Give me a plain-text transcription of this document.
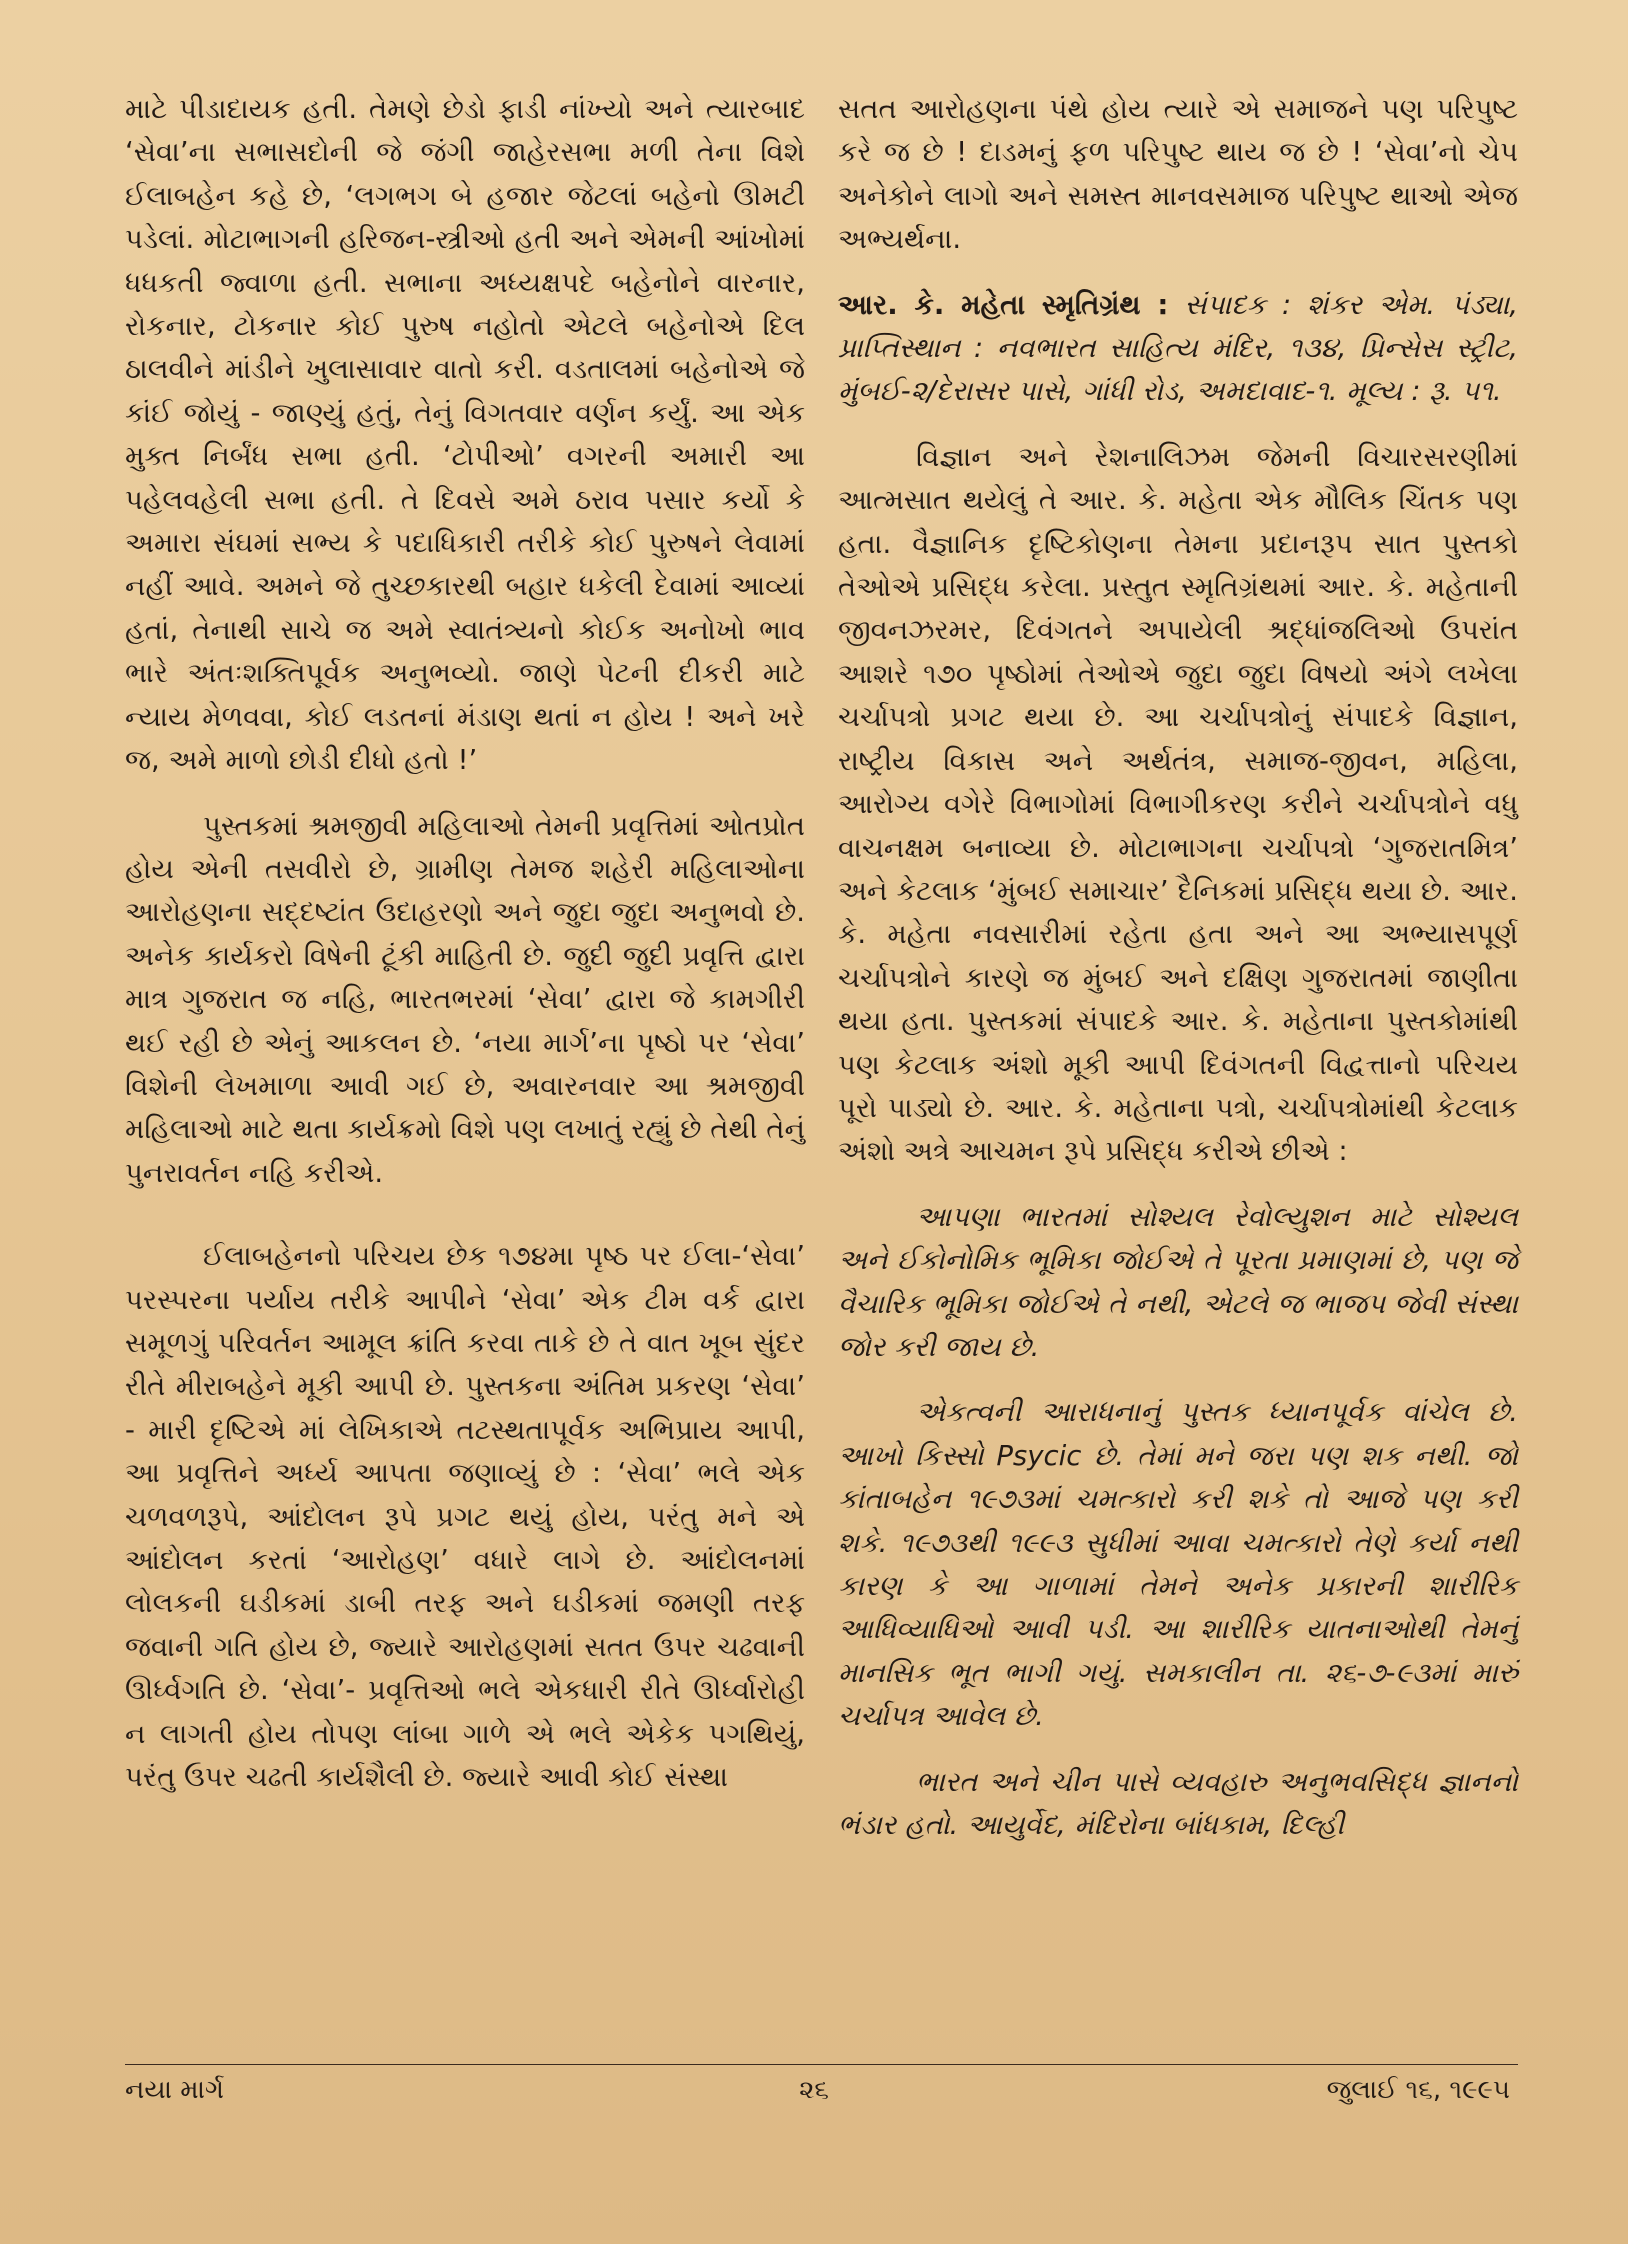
માટે પીડાદાયક હતી. તેમણે છેડો ફાડી નાંખ્યો અને ત્યારબાદ ‘સેવા’ના સભાસદોની જે જંગી જાહેરસભા મળી તેના વિશે ઈલાબહેન કહે છે, ‘લગભગ બે હજાર જેટલાં બહેનો ઊમટી પડેલાં. મોટાભાગની હરિજન-સ્ત્રીઓ હતી અને એમની આંખોમાં ધધકતી જ્વાળા હતી. સભાના અધ્યક્ષપદે બહેનોને વારનાર, રોકનાર, ટોકનાર કોઈ પુરુષ નહોતો એટલે બહેનોએ દિલ ઠાલવીને માંડીને ખુલાસાવાર વાતો કરી. વડતાલમાં બહેનોએ જે કાંઈ જોયું - જાણ્યું હતું, તેનું વિગતવાર વર્ણન કર્યું. આ એક મુક્ત નિર્બંધ સભા હતી. ‘ટોપીઓ’ વગરની અમારી આ પહેલવહેલી સભા હતી. તે દિવસે અમે ઠરાવ પસાર કર્યો કે અમારા સંઘમાં સભ્ય કે પદાધિકારી તરીકે કોઈ પુરુષને લેવામાં નહીં આવે. અમને જે તુચ્છકારથી બહાર ધકેલી દેવામાં આવ્યાં હતાં, તેનાથી સાચે જ અમે સ્વાતંત્ર્યનો કોઈક અનોખો ભાવ ભારે અંતઃશક્તિપૂર્વક અનુભવ્યો. જાણે પેટની દીકરી માટે ન્યાય મેળવવા, કોઈ લડતનાં મંડાણ થતાં ન હોય ! અને ખરે જ, અમે માળો છોડી દીધો હતો !’

પુસ્તકમાં શ્રમજીવી મહિલાઓ તેમની પ્રવૃત્તિમાં ઓતપ્રોત હોય એની તસવીરો છે, ગ્રામીણ તેમજ શહેરી મહિલાઓના આરોહણના સદ્દષ્ટાંત ઉદાહરણો અને જુદા જુદા અનુભવો છે. અનેક કાર્યકરો વિષેની ટૂંકી માહિતી છે. જુદી જુદી પ્રવૃત્તિ દ્વારા માત્ર ગુજરાત જ નહિ, ભારતભરમાં ‘સેવા’ દ્વારા જે કામગીરી થઈ રહી છે એનું આકલન છે. ‘નયા માર્ગ’ના પૃષ્ઠો પર ‘સેવા’ વિશેની લેખમાળા આવી ગઈ છે, અવારનવાર આ શ્રમજીવી મહિલાઓ માટે થતા કાર્યક્રમો વિશે પણ લખાતું રહ્યું છે તેથી તેનું પુનરાવર્તન નહિ કરીએ.

ઈલાબહેનનો પરિચય છેક ૧૭૪મા પૃષ્ઠ પર ઈલા-‘સેવા’ પરસ્પરના પર્યાય તરીકે આપીને ‘સેવા’ એક ટીમ વર્ક દ્વારા સમૂળગું પરિવર્તન આમૂલ ક્રાંતિ કરવા તાકે છે તે વાત ખૂબ સુંદર રીતે મીરાબહેને મૂકી આપી છે. પુસ્તકના અંતિમ પ્રકરણ ‘સેવા’ - મારી દૃષ્ટિએ માં લેખિકાએ તટસ્થતાપૂર્વક અભિપ્રાય આપી, આ પ્રવૃત્તિને અર્ધ્ય આપતા જણાવ્યું છે : ‘સેવા’ ભલે એક ચળવળરૂપે, આંદોલન રૂપે પ્રગટ થયું હોય, પરંતુ મને એ આંદોલન કરતાં ‘આરોહણ’ વધારે લાગે છે. આંદોલનમાં લોલકની ઘડીકમાં ડાબી તરફ અને ઘડીકમાં જમણી તરફ જવાની ગતિ હોય છે, જ્યારે આરોહણમાં સતત ઉપર ચઢવાની ઊર્ધ્વગતિ છે. ‘સેવા’- પ્રવૃત્તિઓ ભલે એકધારી રીતે ઊર્ધ્વારોહી ન લાગતી હોય તોપણ લાંબા ગાળે એ ભલે એકેક પગથિયું, પરંતુ ઉપર ચઢતી કાર્યશૈલી છે. જ્યારે આવી કોઈ સંસ્થા

સતત આરોહણના પંથે હોય ત્યારે એ સમાજને પણ પરિપુષ્ટ કરે જ છે ! દાડમનું ફળ પરિપુષ્ટ થાય જ છે ! ‘સેવા’નો ચેપ અનેકોને લાગો અને સમસ્ત માનવસમાજ પરિપુષ્ટ થાઓ એજ અભ્યર્થના.

આર. કે. મહેતા સ્મૃતિગ્રંથ : સંપાદક : શંકર એમ. પંડ્યા, પ્રાપ્તિસ્થાન : નવભારત સાહિત્ય મંદિર, ૧૩૪, પ્રિન્સેસ સ્ટ્રીટ, મુંબઈ-૨/દેરાસર પાસે, ગાંધી રોડ, અમદાવાદ-૧. મૂલ્ય : રૂ. ૫૧.

વિજ્ઞાન અને રેશનાલિઝમ જેમની વિચારસરણીમાં આત્મસાત થયેલું તે આર. કે. મહેતા એક મૌલિક ચિંતક પણ હતા. વૈજ્ઞાનિક દૃષ્ટિકોણના તેમના પ્રદાનરૂપ સાત પુસ્તકો તેઓએ પ્રસિદ્ધ કરેલા. પ્રસ્તુત સ્મૃતિગ્રંથમાં આર. કે. મહેતાની જીવનઝરમર, દિવંગતને અપાયેલી શ્રદ્ધાંજલિઓ ઉપરાંત આશરે ૧૭૦ પૃષ્ઠોમાં તેઓએ જુદા જુદા વિષયો અંગે લખેલા ચર્ચાપત્રો પ્રગટ થયા છે. આ ચર્ચાપત્રોનું સંપાદકે વિજ્ઞાન, રાષ્ટ્રીય વિકાસ અને અર્થતંત્ર, સમાજ-જીવન, મહિલા, આરોગ્ય વગેરે વિભાગોમાં વિભાગીકરણ કરીને ચર્ચાપત્રોને વધુ વાચનક્ષમ બનાવ્યા છે. મોટાભાગના ચર્ચાપત્રો ‘ગુજરાતમિત્ર’ અને કેટલાક ‘મુંબઈ સમાચાર’ દૈનિકમાં પ્રસિદ્ધ થયા છે. આર. કે. મહેતા નવસારીમાં રહેતા હતા અને આ અભ્યાસપૂર્ણ ચર્ચાપત્રોને કારણે જ મુંબઈ અને દક્ષિણ ગુજરાતમાં જાણીતા થયા હતા. પુસ્તકમાં સંપાદકે આર. કે. મહેતાના પુસ્તકોમાંથી પણ કેટલાક અંશો મૂકી આપી દિવંગતની વિદ્વત્તાનો પરિચય પૂરો પાડ્યો છે. આર. કે. મહેતાના પત્રો, ચર્ચાપત્રોમાંથી કેટલાક અંશો અત્રે આચમન રૂપે પ્રસિદ્ધ કરીએ છીએ :

આપણા ભારતમાં સોશ્યલ રેવોલ્યુશન માટે સોશ્યલ અને ઈકોનોમિક ભૂમિકા જોઈએ તે પૂરતા પ્રમાણમાં છે, પણ જે વૈચારિક ભૂમિકા જોઈએ તે નથી, એટલે જ ભાજપ જેવી સંસ્થા જોર કરી જાય છે.

એકત્વની આરાધનાનું પુસ્તક ધ્યાનપૂર્વક વાંચેલ છે. આખો કિસ્સો Psycic છે. તેમાં મને જરા પણ શક નથી. જો કાંતાબહેન ૧૯૭૩માં ચમત્કારો કરી શકે તો આજે પણ કરી શકે. ૧૯૭૩થી ૧૯૯૩ સુધીમાં આવા ચમત્કારો તેણે કર્યા નથી કારણ કે આ ગાળામાં તેમને અનેક પ્રકારની શારીરિક આધિવ્યાધિઓ આવી પડી. આ શારીરિક યાતનાઓથી તેમનું માનસિક ભૂત ભાગી ગયું. સમકાલીન તા. ૨૬-૭-૯૩માં મારું ચર્ચાપત્ર આવેલ છે.

ભારત અને ચીન પાસે વ્યવહારુ અનુભવસિદ્ધ જ્ઞાનનો ભંડાર હતો. આયુર્વેદ, મંદિરોના બાંધકામ, દિલ્હી

નયા માર્ગ	૨૬	જુલાઈ ૧૬, ૧૯૯૫
